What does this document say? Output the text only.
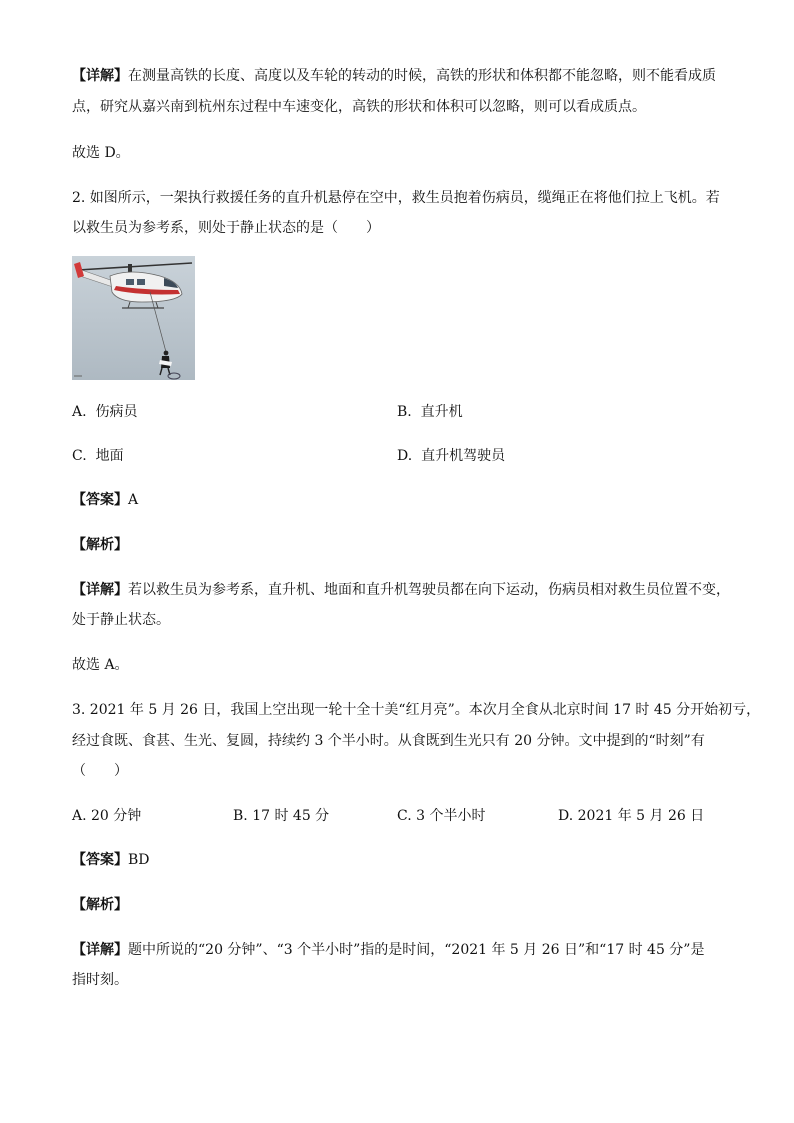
【详解】在测量高铁的长度、高度以及车轮的转动的时候，高铁的形状和体积都不能忽略，则不能看成质
点，研究从嘉兴南到杭州东过程中车速变化，高铁的形状和体积可以忽略，则可以看成质点。
故选 D。
2. 如图所示，一架执行救援任务的直升机悬停在空中，救生员抱着伤病员，缆绳正在将他们拉上飞机。若
以救生员为参考系，则处于静止状态的是（　　）
A. 伤病员	B. 直升机
C. 地面	D. 直升机驾驶员
【答案】A
【解析】
【详解】若以救生员为参考系，直升机、地面和直升机驾驶员都在向下运动，伤病员相对救生员位置不变，
处于静止状态。
故选 A。
3. 2021 年 5 月 26 日，我国上空出现一轮十全十美“红月亮”。本次月全食从北京时间 17 时 45 分开始初亏，
经过食既、食甚、生光、复圆，持续约 3 个半小时。从食既到生光只有 20 分钟。文中提到的“时刻”有
（　　）
A. 20 分钟	B. 17 时 45 分	C. 3 个半小时	D. 2021 年 5 月 26 日
【答案】BD
【解析】
【详解】题中所说的“20 分钟”、“3 个半小时”指的是时间，“2021 年 5 月 26 日”和“17 时 45 分”是
指时刻。
